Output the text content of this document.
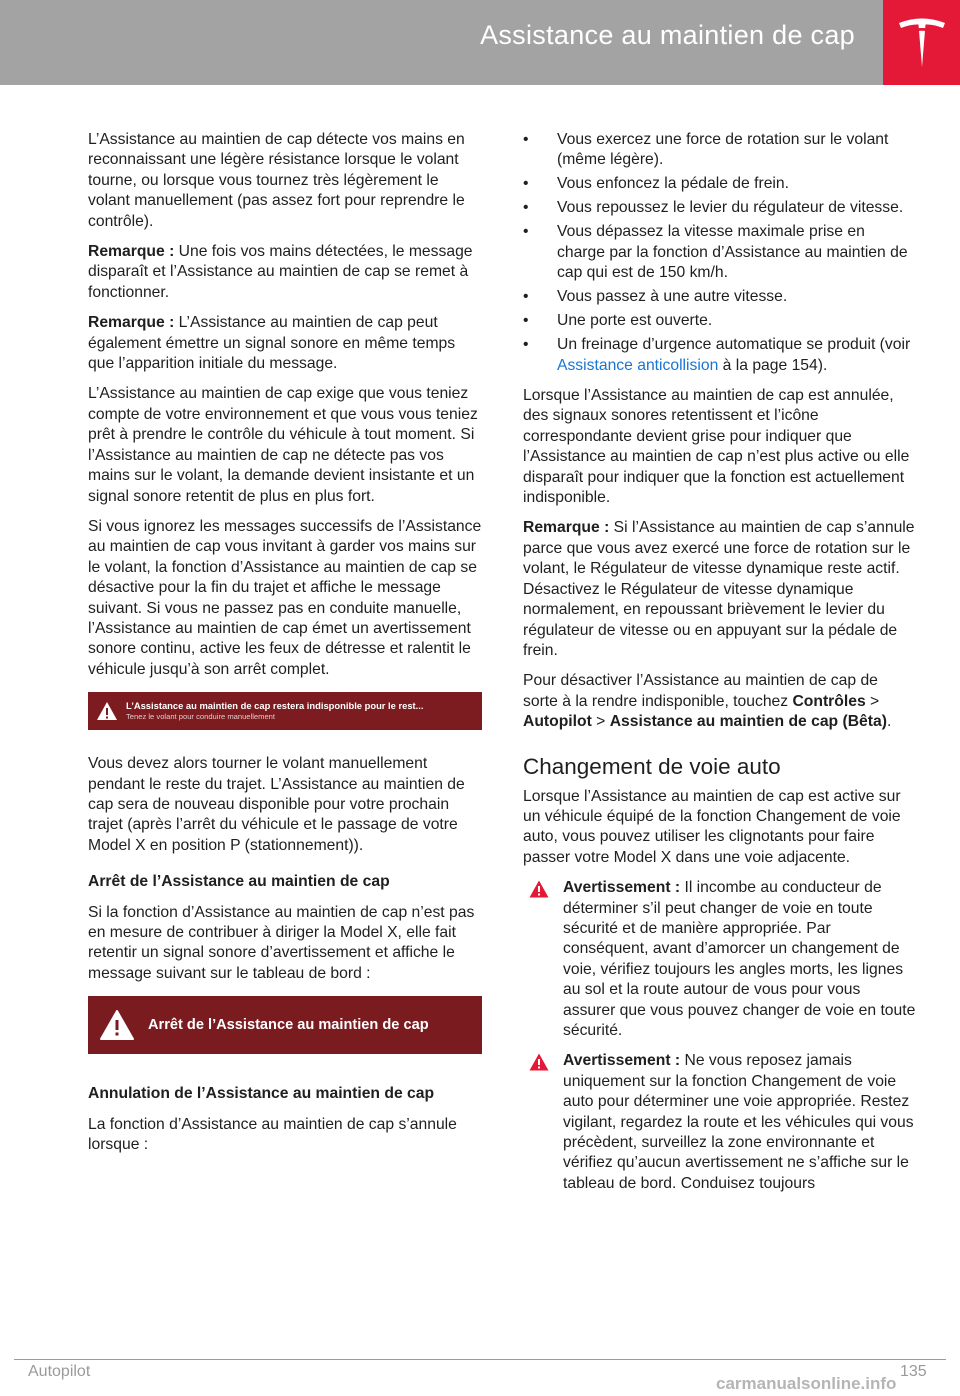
Assistance au maintien de cap
L’Assistance au maintien de cap détecte vos mains en reconnaissant une légère résistance lorsque le volant tourne, ou lorsque vous tournez très légèrement le volant manuellement (pas assez fort pour reprendre le contrôle).
Remarque : Une fois vos mains détectées, le message disparaît et l’Assistance au maintien de cap se remet à fonctionner.
Remarque : L’Assistance au maintien de cap peut également émettre un signal sonore en même temps que l’apparition initiale du message.
L’Assistance au maintien de cap exige que vous teniez compte de votre environnement et que vous vous teniez prêt à prendre le contrôle du véhicule à tout moment. Si l’Assistance au maintien de cap ne détecte pas vos mains sur le volant, la demande devient insistante et un signal sonore retentit de plus en plus fort.
Si vous ignorez les messages successifs de l’Assistance au maintien de cap vous invitant à garder vos mains sur le volant, la fonction d’Assistance au maintien de cap se désactive pour la fin du trajet et affiche le message suivant. Si vous ne passez pas en conduite manuelle, l’Assistance au maintien de cap émet un avertissement sonore continu, active les feux de détresse et ralentit le véhicule jusqu’à son arrêt complet.
L’Assistance au maintien de cap restera indisponible pour le rest...
Tenez le volant pour conduire manuellement
Vous devez alors tourner le volant manuellement pendant le reste du trajet. L’Assistance au maintien de cap sera de nouveau disponible pour votre prochain trajet (après l’arrêt du véhicule et le passage de votre Model X en position P (stationnement)).
Arrêt de l’Assistance au maintien de cap
Si la fonction d’Assistance au maintien de cap n’est pas en mesure de contribuer à diriger la Model X, elle fait retentir un signal sonore d’avertissement et affiche le message suivant sur le tableau de bord :
Arrêt de l’Assistance au maintien de cap
Annulation de l’Assistance au maintien de cap
La fonction d’Assistance au maintien de cap s’annule lorsque :
• Vous exercez une force de rotation sur le volant (même légère).
• Vous enfoncez la pédale de frein.
• Vous repoussez le levier du régulateur de vitesse.
• Vous dépassez la vitesse maximale prise en charge par la fonction d’Assistance au maintien de cap qui est de 150 km/h.
• Vous passez à une autre vitesse.
• Une porte est ouverte.
• Un freinage d’urgence automatique se produit (voir Assistance anticollision à la page 154).
Lorsque l’Assistance au maintien de cap est annulée, des signaux sonores retentissent et l’icône correspondante devient grise pour indiquer que l’Assistance au maintien de cap n’est plus active ou elle disparaît pour indiquer que la fonction est actuellement indisponible.
Remarque : Si l’Assistance au maintien de cap s’annule parce que vous avez exercé une force de rotation sur le volant, le Régulateur de vitesse dynamique reste actif. Désactivez le Régulateur de vitesse dynamique normalement, en repoussant brièvement le levier du régulateur de vitesse ou en appuyant sur la pédale de frein.
Pour désactiver l’Assistance au maintien de cap de sorte à la rendre indisponible, touchez Contrôles > Autopilot > Assistance au maintien de cap (Bêta).
Changement de voie auto
Lorsque l’Assistance au maintien de cap est active sur un véhicule équipé de la fonction Changement de voie auto, vous pouvez utiliser les clignotants pour faire passer votre Model X dans une voie adjacente.
Avertissement : Il incombe au conducteur de déterminer s’il peut changer de voie en toute sécurité et de manière appropriée. Par conséquent, avant d’amorcer un changement de voie, vérifiez toujours les angles morts, les lignes au sol et la route autour de vous pour vous assurer que vous pouvez changer de voie en toute sécurité.
Avertissement : Ne vous reposez jamais uniquement sur la fonction Changement de voie auto pour déterminer une voie appropriée. Restez vigilant, regardez la route et les véhicules qui vous précèdent, surveillez la zone environnante et vérifiez qu’aucun avertissement ne s’affiche sur le tableau de bord. Conduisez toujours
Autopilot	135
carmanualsonline.info
